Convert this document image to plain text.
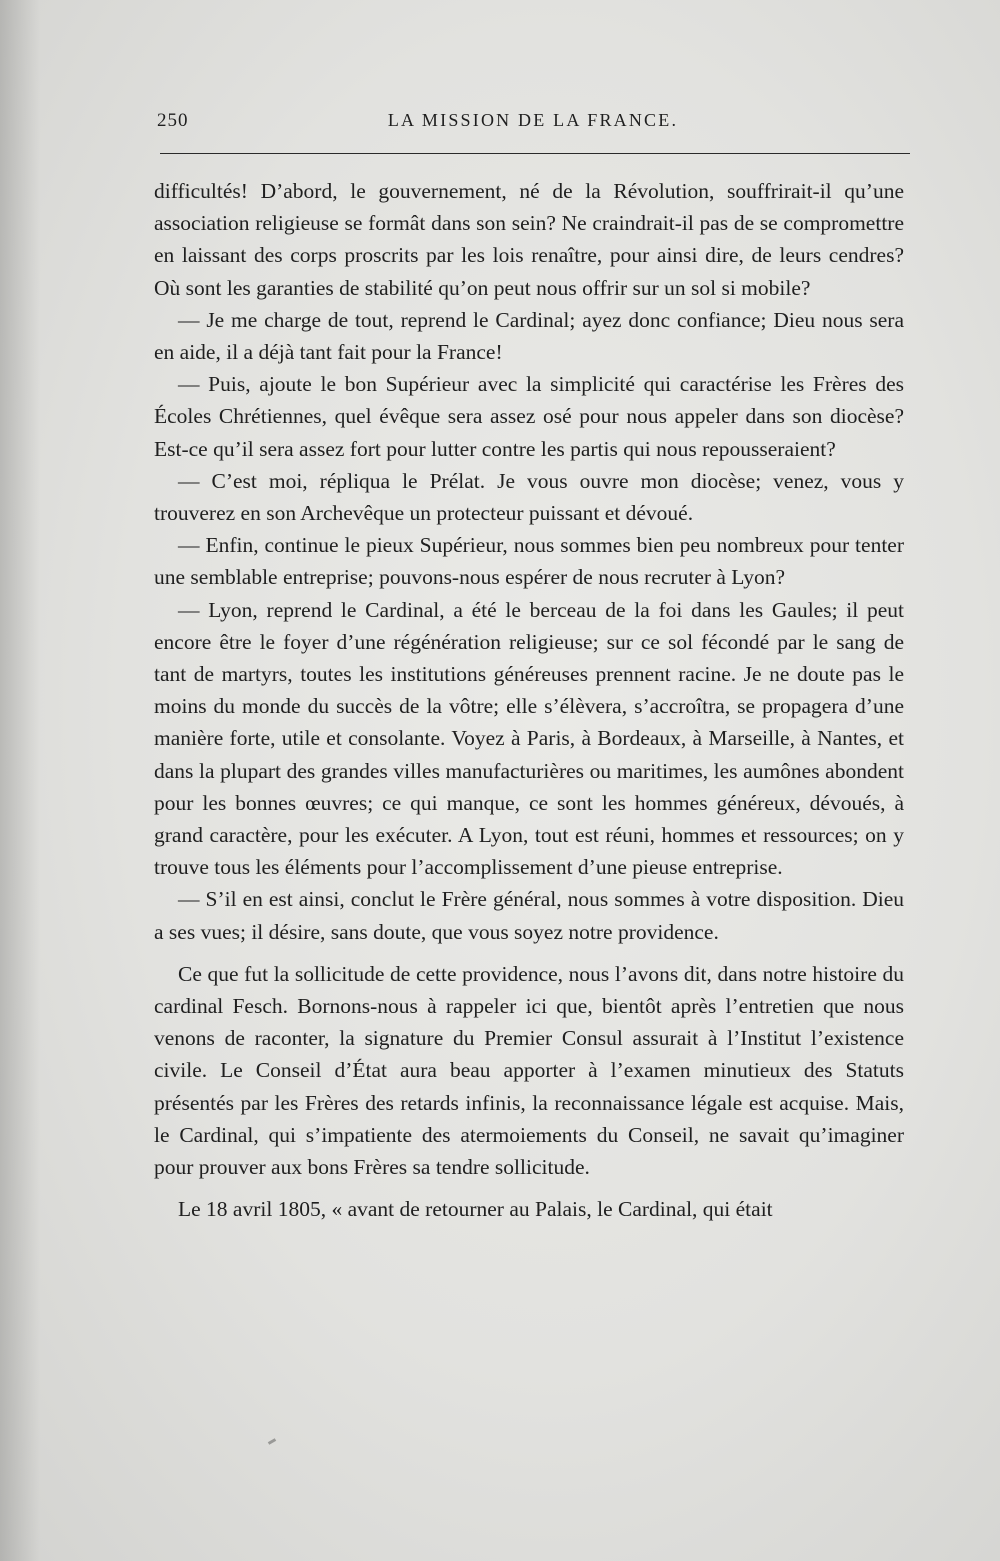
250	LA MISSION DE LA FRANCE.

difficultés! D’abord, le gouvernement, né de la Révolution, souffrirait-il qu’une association religieuse se formât dans son sein? Ne craindrait-il pas de se compromettre en laissant des corps proscrits par les lois renaître, pour ainsi dire, de leurs cendres? Où sont les garanties de stabilité qu’on peut nous offrir sur un sol si mobile?

— Je me charge de tout, reprend le Cardinal; ayez donc confiance; Dieu nous sera en aide, il a déjà tant fait pour la France!

— Puis, ajoute le bon Supérieur avec la simplicité qui caractérise les Frères des Écoles Chrétiennes, quel évêque sera assez osé pour nous appeler dans son diocèse? Est-ce qu’il sera assez fort pour lutter contre les partis qui nous repousseraient?

— C’est moi, répliqua le Prélat. Je vous ouvre mon diocèse; venez, vous y trouverez en son Archevêque un protecteur puissant et dévoué.

— Enfin, continue le pieux Supérieur, nous sommes bien peu nombreux pour tenter une semblable entreprise; pouvons-nous espérer de nous recruter à Lyon?

— Lyon, reprend le Cardinal, a été le berceau de la foi dans les Gaules; il peut encore être le foyer d’une régénération religieuse; sur ce sol fécondé par le sang de tant de martyrs, toutes les institutions généreuses prennent racine. Je ne doute pas le moins du monde du succès de la vôtre; elle s’élèvera, s’accroîtra, se propagera d’une manière forte, utile et consolante. Voyez à Paris, à Bordeaux, à Marseille, à Nantes, et dans la plupart des grandes villes manufacturières ou maritimes, les aumônes abondent pour les bonnes œuvres; ce qui manque, ce sont les hommes généreux, dévoués, à grand caractère, pour les exécuter. A Lyon, tout est réuni, hommes et ressources; on y trouve tous les éléments pour l’accomplissement d’une pieuse entreprise.

— S’il en est ainsi, conclut le Frère général, nous sommes à votre disposition. Dieu a ses vues; il désire, sans doute, que vous soyez notre providence.

Ce que fut la sollicitude de cette providence, nous l’avons dit, dans notre histoire du cardinal Fesch. Bornons-nous à rappeler ici que, bientôt après l’entretien que nous venons de raconter, la signature du Premier Consul assurait à l’Institut l’existence civile. Le Conseil d’État aura beau apporter à l’examen minutieux des Statuts présentés par les Frères des retards infinis, la reconnaissance légale est acquise. Mais, le Cardinal, qui s’impatiente des atermoiements du Conseil, ne savait qu’imaginer pour prouver aux bons Frères sa tendre sollicitude.

Le 18 avril 1805, « avant de retourner au Palais, le Cardinal, qui était
